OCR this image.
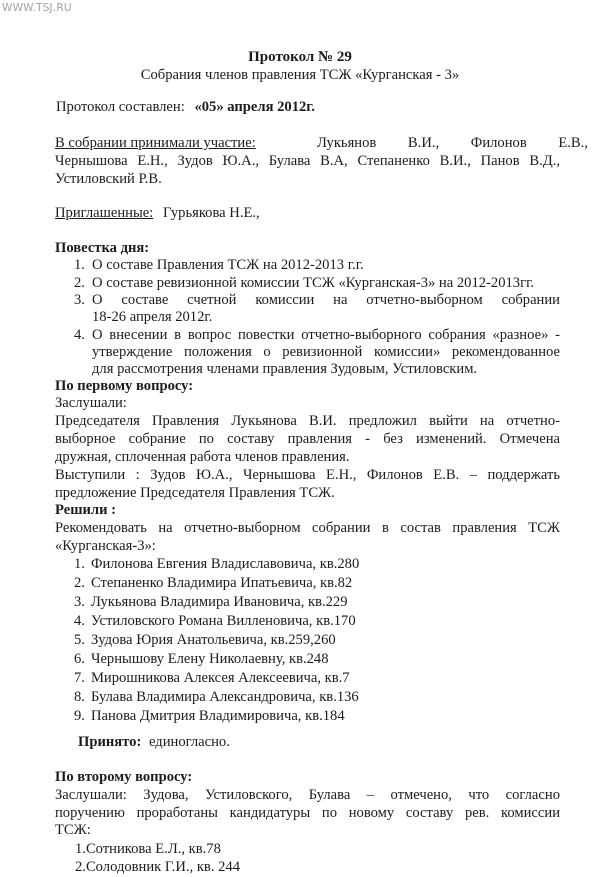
WWW.TSJ.RU
Протокол № 29
Собрания членов правления ТСЖ «Курганская - 3»
Протокол составлен: «05» апреля 2012г.
В собрании принимали участие:	Лукьянов В.И., Филонов Е.В.,
Чернышова Е.Н., Зудов Ю.А., Булава В.А, Степаненко В.И., Панов В.Д.,
Устиловский Р.В.
Приглашенные: Гурьякова Н.Е.,
Повестка дня:
1. О составе Правления ТСЖ на 2012-2013 г.г.
2. О составе ревизионной комиссии ТСЖ «Курганская-3» на 2012-2013гг.
3. О составе счетной комиссии на отчетно-выборном собрании
18-26 апреля 2012г.
4. О внесении в вопрос повестки отчетно-выборного собрания «разное» -
утверждение положения о ревизионной комиссии» рекомендованное
для рассмотрения членами правления Зудовым, Устиловским.
По первому вопросу:
Заслушали:
Председателя Правления Лукьянова В.И. предложил выйти на отчетно-
выборное собрание по составу правления - без изменений. Отмечена
дружная, сплоченная работа членов правления.
Выступили : Зудов Ю.А., Чернышова Е.Н., Филонов Е.В. – поддержать
предложение Председателя Правления ТСЖ.
Решили :
Рекомендовать на отчетно-выборном собрании в состав правления ТСЖ
«Курганская-3»:
1. Филонова Евгения Владиславовича, кв.280
2. Степаненко Владимира Ипатьевича, кв.82
3. Лукьянова Владимира Ивановича, кв.229
4. Устиловского Романа Вилленовича, кв.170
5. Зудова Юрия Анатольевича, кв.259,260
6. Чернышову Елену Николаевну, кв.248
7. Мирошникова Алексея Алексеевича, кв.7
8. Булава Владимира Александровича, кв.136
9. Панова Дмитрия Владимировича, кв.184
Принято: единогласно.
По второму вопросу:
Заслушали: Зудова, Устиловского, Булава – отмечено, что согласно
поручению проработаны кандидатуры по новому составу рев. комиссии
ТСЖ:
1.Сотникова Е.Л., кв.78
2.Солодовник Г.И., кв. 244
